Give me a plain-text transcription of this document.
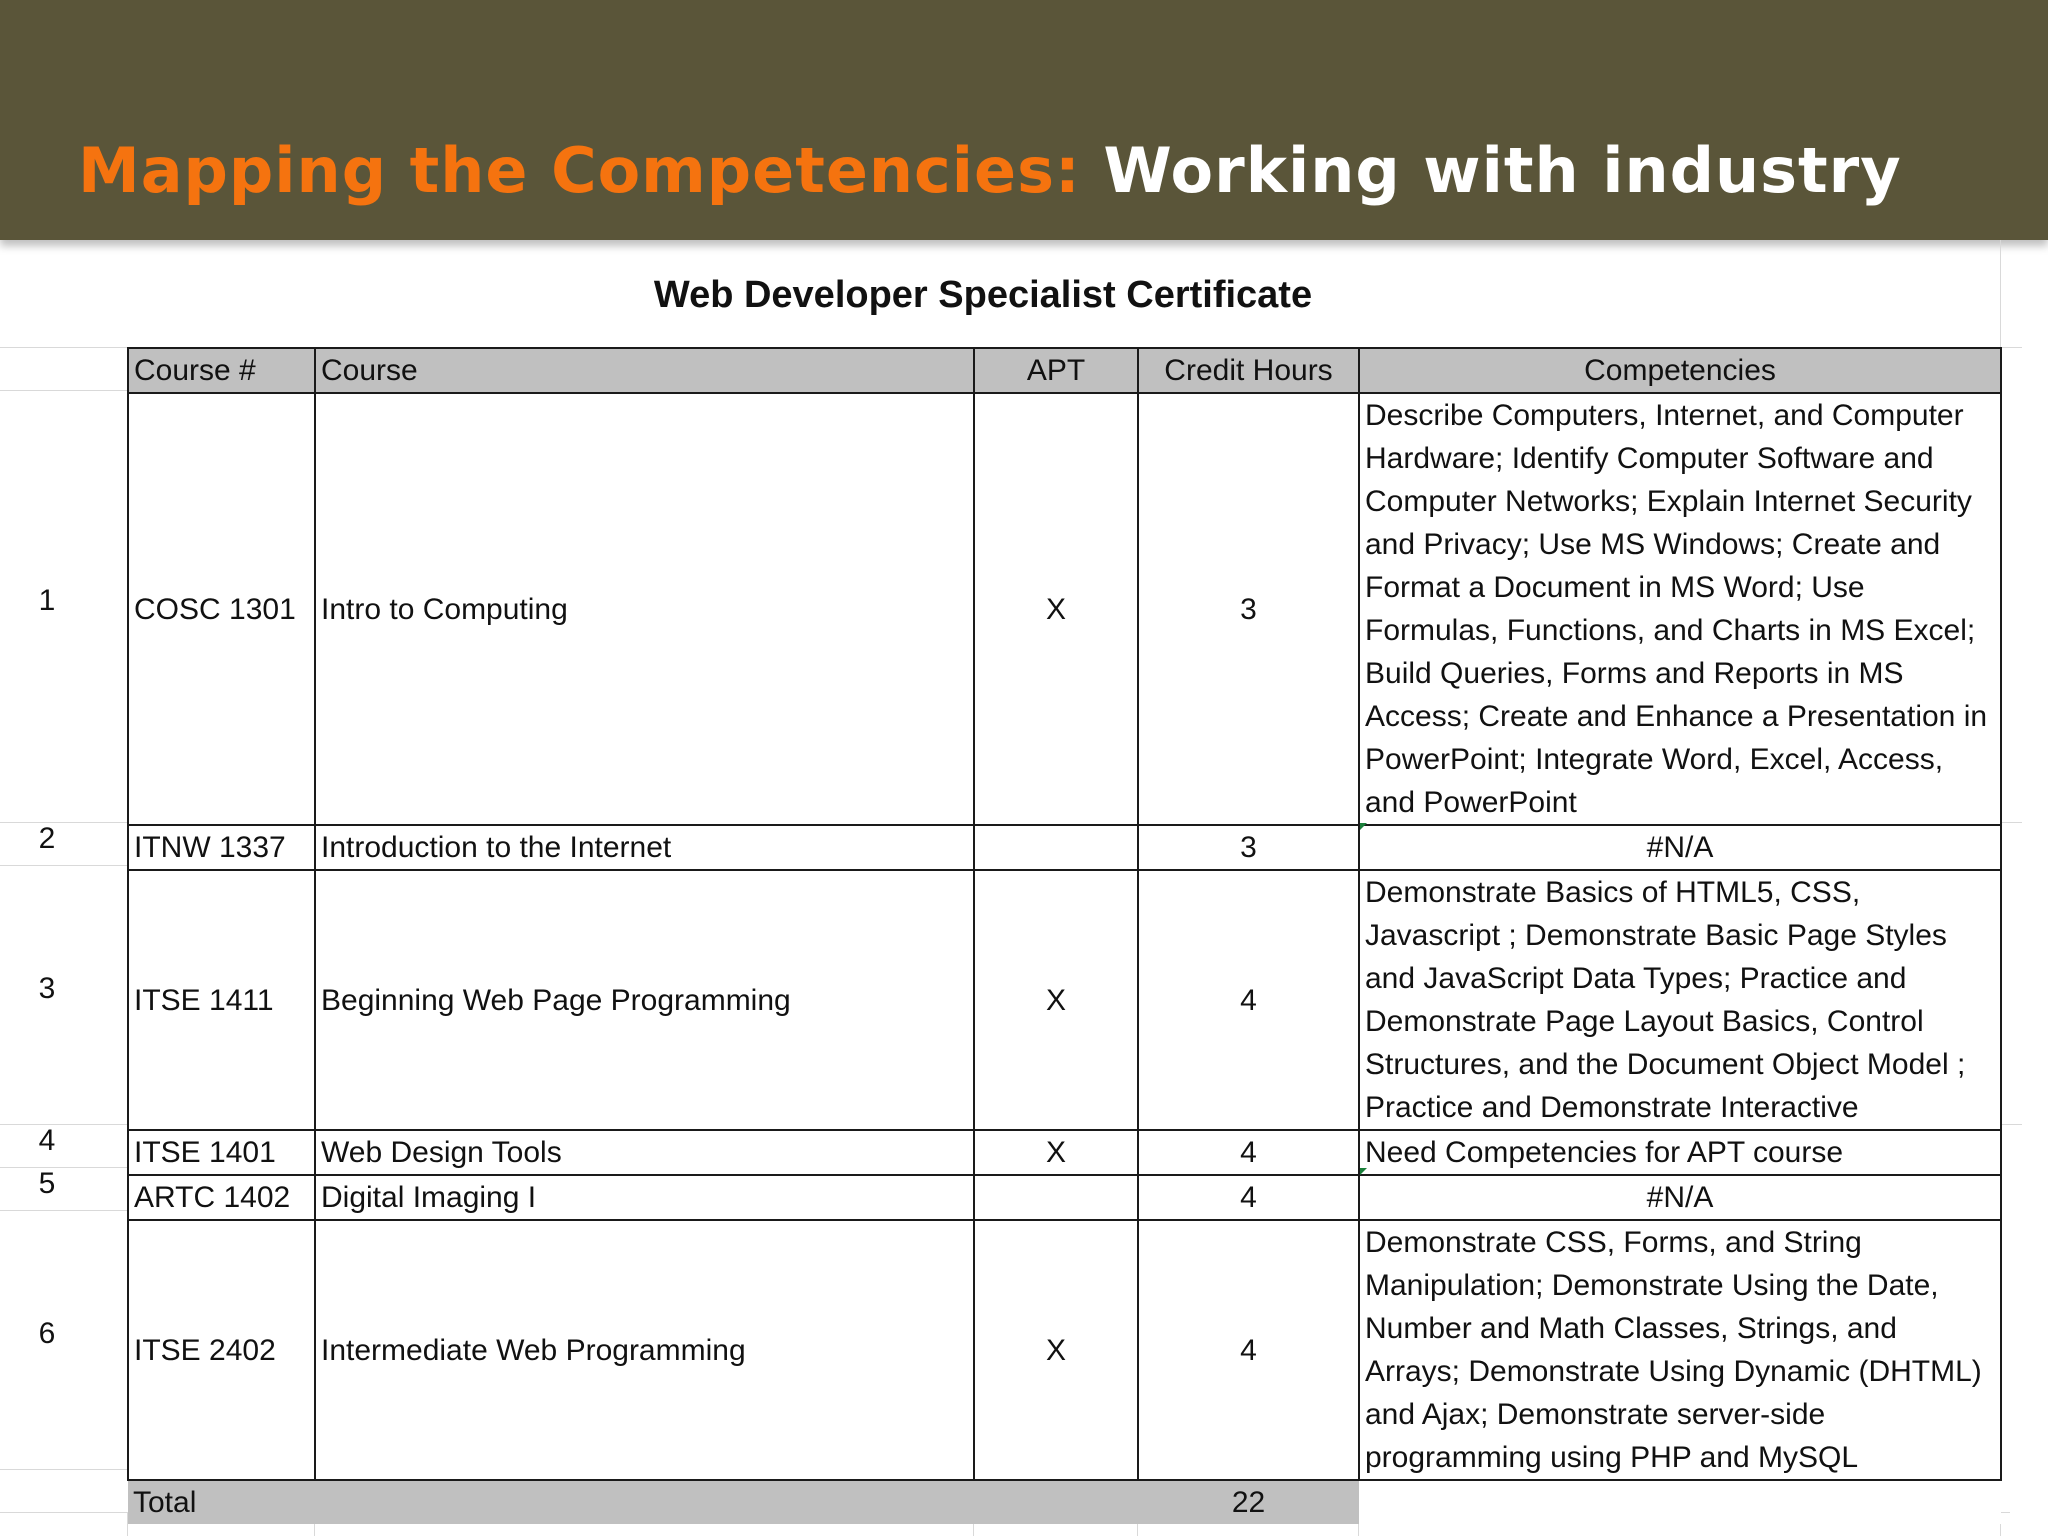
Mapping the Competencies: Working with industry
Web Developer Specialist Certificate
Course #	Course	APT	Credit Hours	Competencies
COSC 1301	Intro to Computing	X	3	Describe Computers, Internet, and Computer Hardware; Identify Computer Software and Computer Networks; Explain Internet Security and Privacy; Use MS Windows; Create and Format a Document in MS Word; Use Formulas, Functions, and Charts in MS Excel; Build Queries, Forms and Reports in MS Access; Create and Enhance a Presentation in PowerPoint; Integrate Word, Excel, Access, and PowerPoint
ITNW 1337	Introduction to the Internet		3	#N/A
ITSE 1411	Beginning Web Page Programming	X	4	Demonstrate Basics of HTML5, CSS, Javascript ; Demonstrate Basic Page Styles and JavaScript Data Types; Practice and Demonstrate Page Layout Basics, Control Structures, and the Document Object Model ; Practice and Demonstrate Interactive
ITSE 1401	Web Design Tools	X	4	Need Competencies for APT course
ARTC 1402	Digital Imaging I		4	#N/A
ITSE 2402	Intermediate Web Programming	X	4	Demonstrate CSS, Forms, and String Manipulation; Demonstrate Using the Date, Number and Math Classes, Strings, and Arrays; Demonstrate Using Dynamic (DHTML) and Ajax; Demonstrate server-side programming using PHP and MySQL
Total			22	
1
2
3
4
5
6
